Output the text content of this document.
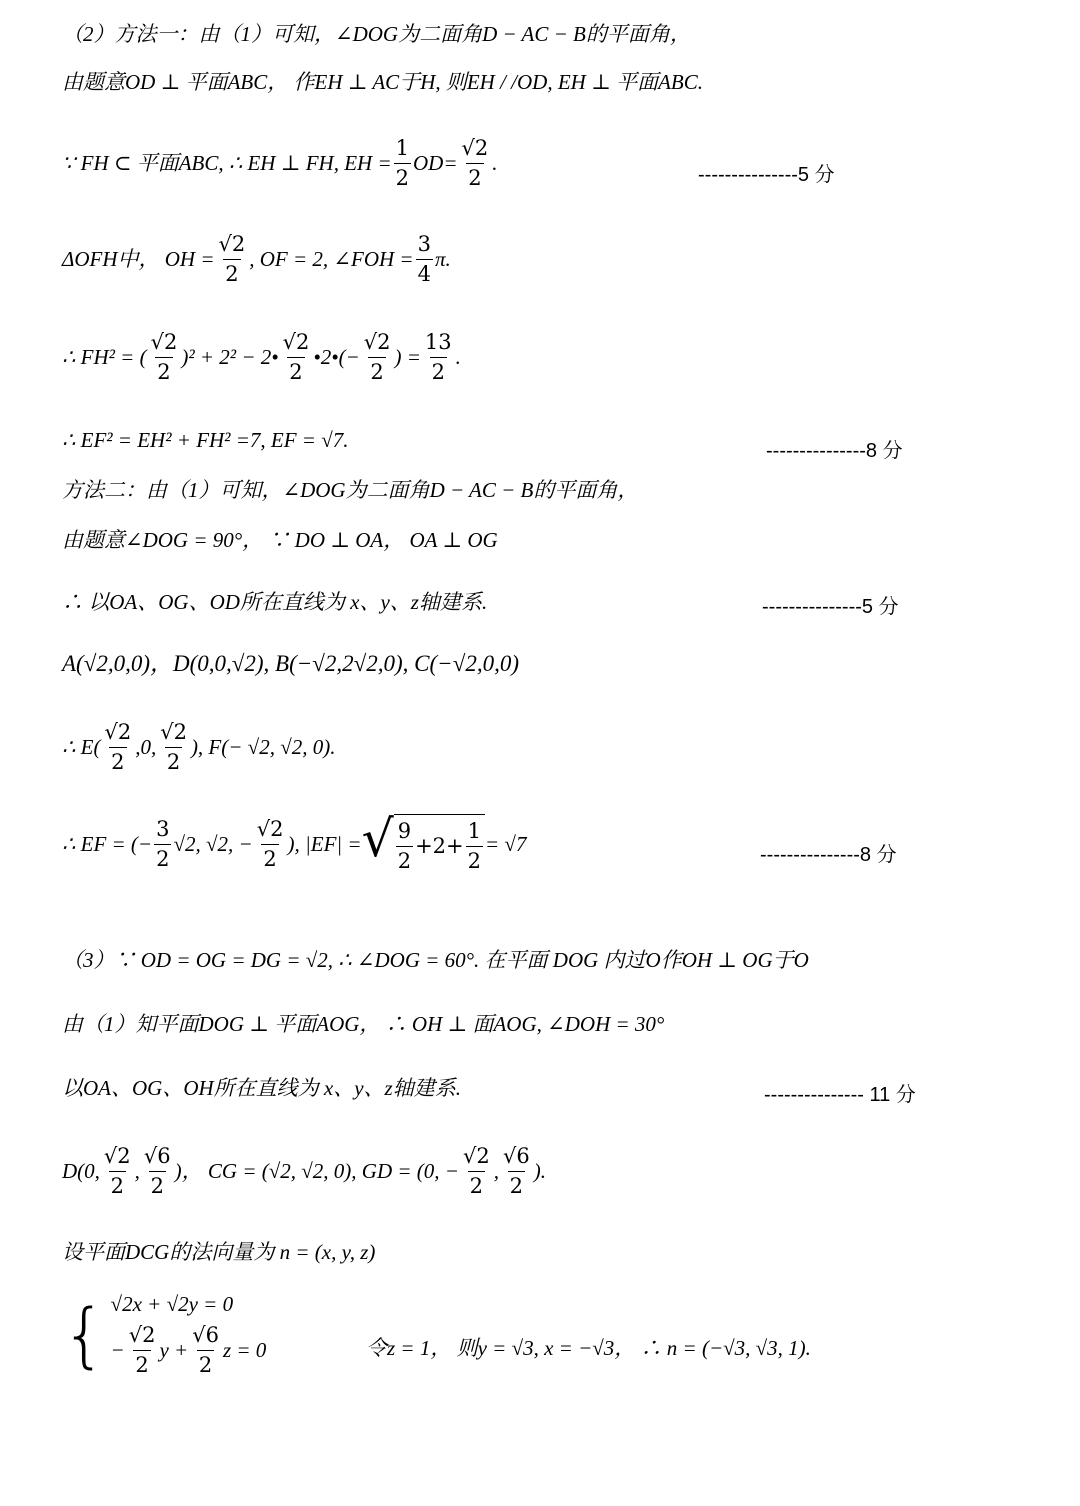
（2）方法一：由（1）可知，∠DOG为二面角D − AC − B的平面角，
由题意OD ⊥ 平面ABC， 作EH ⊥ AC于H, 则EH / /OD, EH ⊥ 平面ABC.
∵ FH ⊂ 平面ABC, ∴ EH ⊥ FH, EH = $\frac{1}{2} OD= \frac{√2}{2}$ .	---------------5 分
ΔOFH中， OH = $\frac{√2}{2}$ , OF = 2, ∠FOH = $\frac{3}{4} \pi$.
∴ FH² = ( $\frac{√2}{2} )^2 + 2^2$ − 2• $\frac{√2}{2}$ •2•(− $\frac{√2}{2}$ ) = $\frac{13}{2}$ .
∴ EF² = EH² + FH² =7, EF = √7.	---------------8 分
方法二：由（1）可知，∠DOG为二面角D − AC − B的平面角，
由题意∠DOG = 90°， ∵ DO ⊥ OA， OA ⊥ OG
∴ 以OA、OG、OD所在直线为 x、y、z轴建系.	---------------5 分
A(√2,0,0)，D(0,0,√2), B(−√2,2√2,0), C(−√2,0,0)
∴ $E( \frac{√2}{2} ,0$, $\frac{√2}{2}$ ), F(− √2, √2, 0).
∴ EF = (− $\frac{3}{2} √2$, √2, − $\frac{√2}{2}$ ), |EF| = √ $\frac{9}{2} +2+ \frac{1}{2} = √7$	---------------8 分
（3）∵ OD = OG = DG = √2, ∴ ∠DOG = 60°. 在平面 DOG 内过O作OH ⊥ OG于O
由（1）知平面DOG ⊥ 平面AOG， ∴ OH ⊥ 面AOG, ∠DOH = 30°
以OA、OG、OH所在直线为 x、y、z轴建系.	--------------- 11 分
D(0, $\frac{√2}{2}$ , $\frac{√6}{2}$ )， CG = (√2, √2, 0), GD = (0, − $\frac{√2}{2}$ , $\frac{√6}{2}$ ).
设平面DCG的法向量为 n = (x, y, z)
{ √2x + √2y = 0
− $\frac{√2}{2}$ $y + \frac{√6}{2}$ z = 0	令z = 1， 则y = √3, x = −√3， ∴ n = (−√3, √3, 1).
